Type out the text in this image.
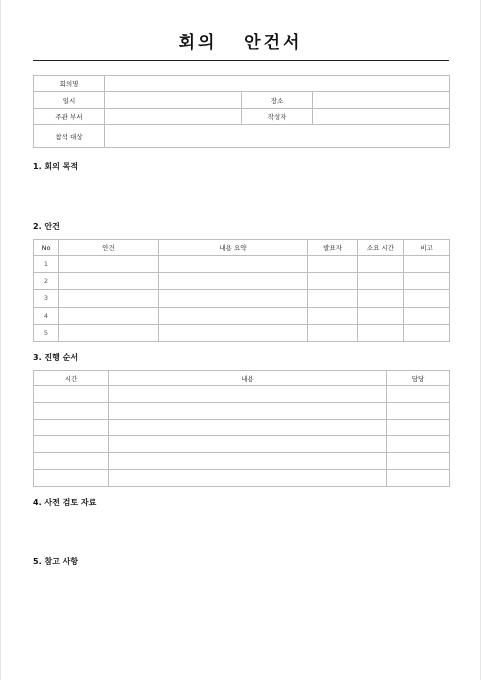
회의   안건서
회의명			
일시		장소	
주관 부서		작성자	
참석 대상			
1. 회의 목적
2. 안건
No	안건	내용 요약	발표자	소요 시간	비고
1					
2					
3					
4					
5					
3. 진행 순서
시간	내용	담당

4. 사전 검토 자료
5. 참고 사항
